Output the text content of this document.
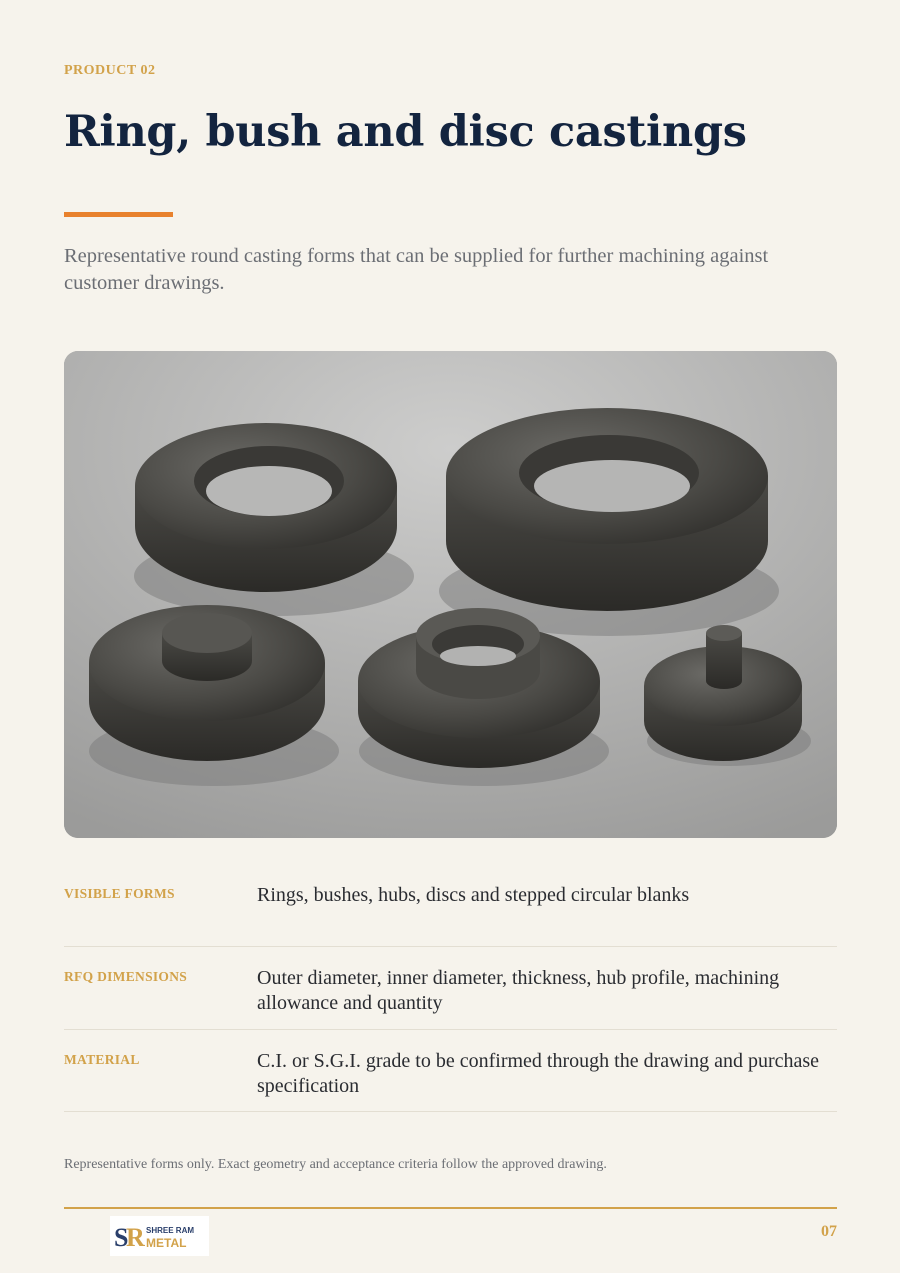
PRODUCT 02
Ring, bush and disc castings

Representative round casting forms that can be supplied for further machining against customer drawings.

VISIBLE FORMS	Rings, bushes, hubs, discs and stepped circular blanks
RFQ DIMENSIONS	Outer diameter, inner diameter, thickness, hub profile, machining allowance and quantity
MATERIAL	C.I. or S.G.I. grade to be confirmed through the drawing and purchase specification
Representative forms only. Exact geometry and acceptance criteria follow the approved drawing.
S
R SHREE RAM
METAL
07
